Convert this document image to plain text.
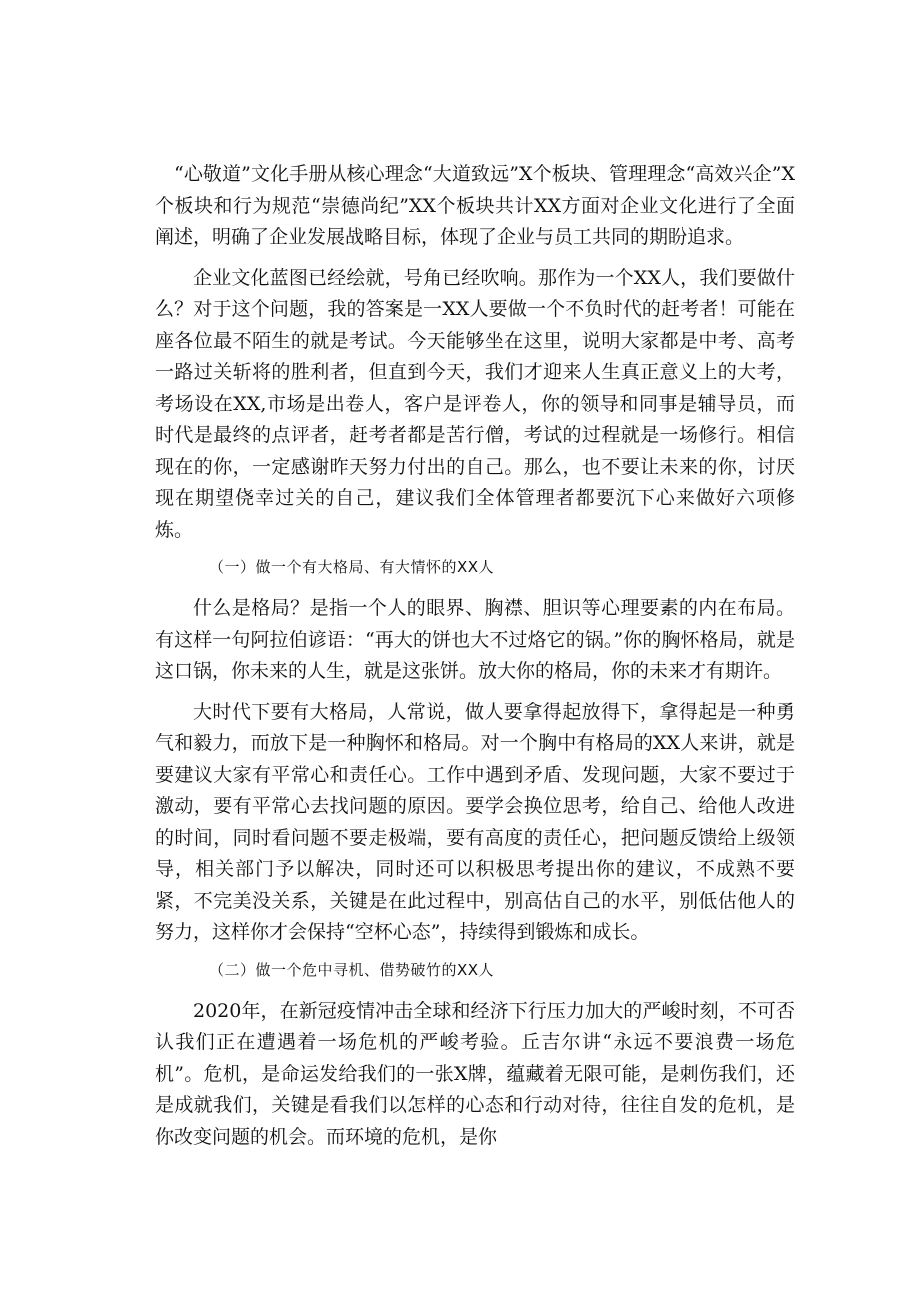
“心敬道”文化手册从核心理念“大道致远”X个板块、管理理念“高效兴企”X个板块和行为规范“崇德尚纪”XX个板块共计XX方面对企业文化进行了全面阐述，明确了企业发展战略目标，体现了企业与员工共同的期盼追求。

企业文化蓝图已经绘就，号角已经吹响。那作为一个XX人，我们要做什么？对于这个问题，我的答案是一XX人要做一个不负时代的赶考者！可能在座各位最不陌生的就是考试。今天能够坐在这里，说明大家都是中考、高考一路过关斩将的胜利者，但直到今天，我们才迎来人生真正意义上的大考，考场设在XX,市场是出卷人，客户是评卷人，你的领导和同事是辅导员，而时代是最终的点评者，赶考者都是苦行僧，考试的过程就是一场修行。相信现在的你，一定感谢昨天努力付出的自己。那么，也不要让未来的你，讨厌现在期望侥幸过关的自己，建议我们全体管理者都要沉下心来做好六项修炼。

（一）做一个有大格局、有大情怀的XX人

什么是格局？是指一个人的眼界、胸襟、胆识等心理要素的内在布局。有这样一句阿拉伯谚语：“再大的饼也大不过烙它的锅。”你的胸怀格局，就是这口锅，你未来的人生，就是这张饼。放大你的格局，你的未来才有期许。

大时代下要有大格局，人常说，做人要拿得起放得下，拿得起是一种勇气和毅力，而放下是一种胸怀和格局。对一个胸中有格局的XX人来讲，就是要建议大家有平常心和责任心。工作中遇到矛盾、发现问题，大家不要过于激动，要有平常心去找问题的原因。要学会换位思考，给自己、给他人改进的时间，同时看问题不要走极端，要有高度的责任心，把问题反馈给上级领导，相关部门予以解决，同时还可以积极思考提出你的建议，不成熟不要紧，不完美没关系，关键是在此过程中，别高估自己的水平，别低估他人的努力，这样你才会保持“空杯心态”，持续得到锻炼和成长。

（二）做一个危中寻机、借势破竹的XX人

2020年，在新冠疫情冲击全球和经济下行压力加大的严峻时刻，不可否认我们正在遭遇着一场危机的严峻考验。丘吉尔讲“永远不要浪费一场危机”。危机，是命运发给我们的一张X牌，蕴藏着无限可能，是刺伤我们，还是成就我们，关键是看我们以怎样的心态和行动对待，往往自发的危机，是你改变问题的机会。而环境的危机，是你
